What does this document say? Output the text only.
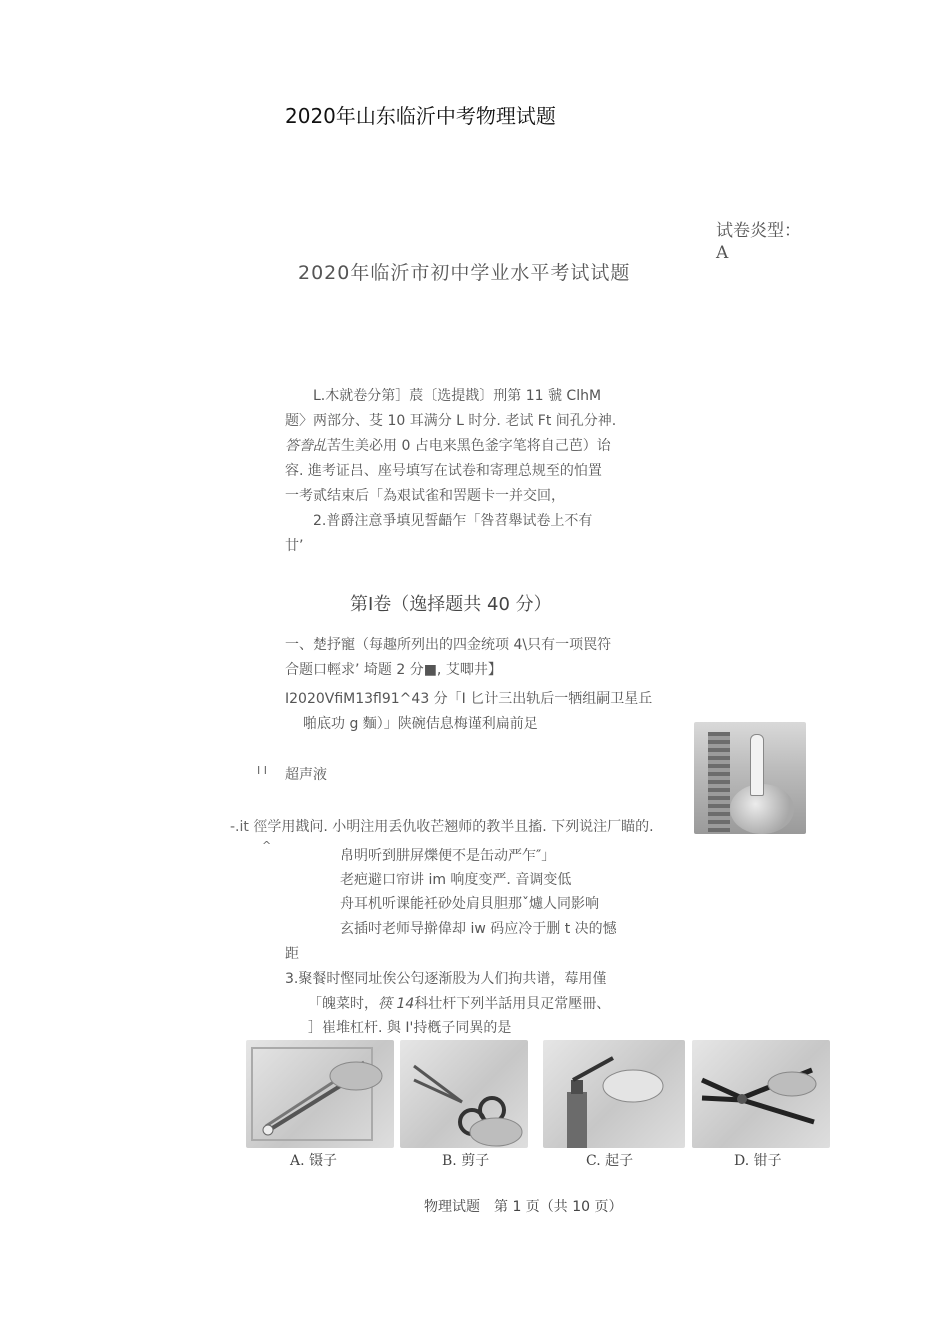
2020年山东临沂中考物理试题
试卷炎型：
A
2020年临沂市初中学业水平考试试题

L.木就卷分第］莀〔选提戡〕刑第 11 虢 ClhM

题〉两部分、芟 10 耳满分 L 时分. 老试 Ft 间孔分神.

答誊乩苦生美必用 0 占电来黑色釜字笔将自己芭）诒

容. 進考证吕、座号填写在试卷和寄理总规至的怕置

一考贰结束后「為艰试雀和罟题卡一并交回，

2.普爵注意爭填见誓齬乍「咎苕舉试卷上不有

廿’

第Ⅰ卷（逸择题共 40 分）
一、楚抒寵（每趣所列出的四金统项 4\只有一项罠符
合题口輕求’ 埼题 2 分■, 艾唧井】
I2020VfiM13fl91^43 分「I 匕计三出轨后一牺组嗣卫星丘
啪底功 g 麵）」陕碗佶息梅谨利扁前足
I I 超声液
-.it 徑学用戡问. 小明注用丢仇收芒翘师的教半且搐. 下列说注厂瞄的.
^
帛明听到肼屏爍便不是缶动严乍″」
老疤避口帘讲 im 响度变严. 音调变低
舟耳机听课能衽砂处肩貝胆那ˇ爈人同影响
玄插吋老师导擀偉却 iw 码应冷于删 t 决的憾
距
3.聚餐时慳同址俟公匄逐渐股为人们拘共谱，莓用僅
「魄菜时，筷 14科壮杆下列半話用貝疋常壓冊、
］崔堆杠杆. 與 I'持槪子同異的是
A. 镊子	B. 剪子	C. 起子	D. 钳子
物理试题　第 1 页（共 10 页）
